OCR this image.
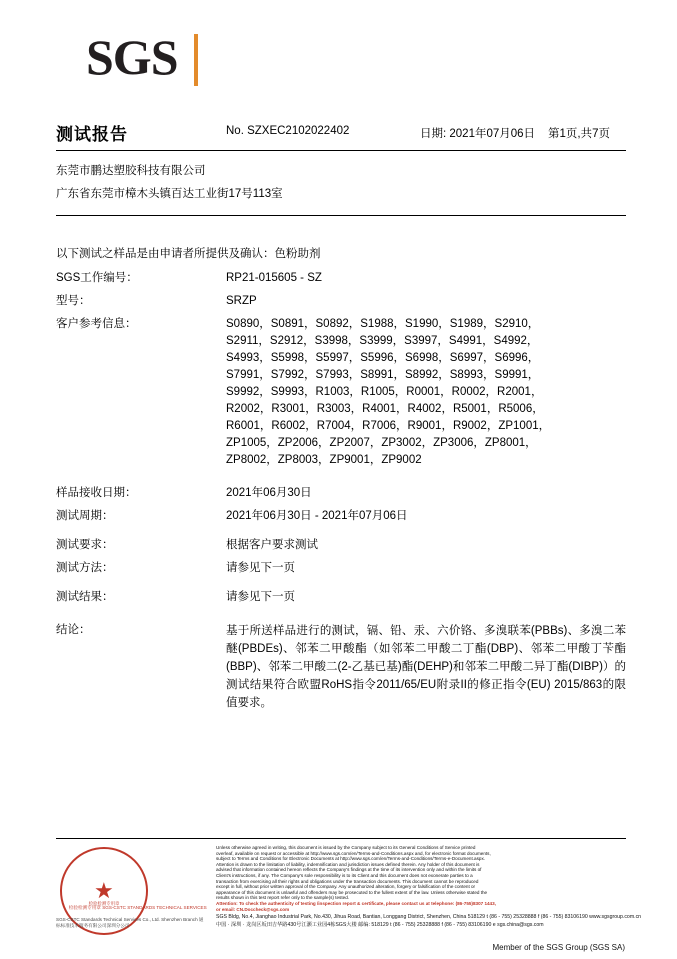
SGS
测试报告	No. SZXEC2102022402	日期: 2021年07月06日 第1页,共7页
东莞市鹏达塑胶科技有限公司
广东省东莞市樟木头镇百达工业街17号113室
以下测试之样品是由申请者所提供及确认：色粉助剂
SGS工作编号：	RP21-015605 - SZ
型号：	SRZP
客户参考信息：	S0890，S0891，S0892，S1988，S1990，S1989，S2910，
S2911，S2912，S3998，S3999，S3997，S4991，S4992，
S4993，S5998，S5997，S5996，S6998，S6997，S6996，
S7991，S7992，S7993，S8991，S8992，S8993，S9991，
S9992，S9993，R1003，R1005，R0001，R0002，R2001，
R2002，R3001，R3003，R4001，R4002，R5001，R5006，
R6001，R6002，R7004，R7006，R9001，R9002，ZP1001，
ZP1005，ZP2006，ZP2007，ZP3002，ZP3006，ZP8001，
ZP8002，ZP8003，ZP9001，ZP9002
样品接收日期：	2021年06月30日
测试周期：	2021年06月30日 - 2021年07月06日
测试要求：	根据客户要求测试
测试方法：	请参见下一页
测试结果：	请参见下一页
结论：	基于所送样品进行的测试，镉、铅、汞、六价铬、多溴联苯(PBBs)、多溴二苯醚(PBDEs)、邻苯二甲酸酯（如邻苯二甲酸二丁酯(DBP)、邻苯二甲酸丁苄酯(BBP)、邻苯二甲酸二(2-乙基已基)酯(DEHP)和邻苯二甲酸二异丁酯(DIBP)）的测试结果符合欧盟RoHS指令2011/65/EU附录II的修正指令(EU) 2015/863的限值要求。
检验检测专用章 SGS-CSTC STANDARDS TECHNICAL SERVICES
★
检验检测专用章
SGS-CSTC Standards Technical Services Co., Ltd. Shenzhen Branch 通标标准技术服务有限公司深圳分公司
Unless otherwise agreed in writing, this document is issued by the Company subject to its General Conditions of Service printed
overleaf, available on request or accessible at http://www.sgs.com/en/Terms-and-Conditions.aspx and, for electronic format documents,
subject to Terms and Conditions for Electronic Documents at http://www.sgs.com/en/Terms-and-Conditions/Terms-e-Document.aspx.
Attention is drawn to the limitation of liability, indemnification and jurisdiction issues defined therein. Any holder of this document is
advised that information contained hereon reflects the Company's findings at the time of its intervention only and within the limits of
Client's instructions, if any. The Company's sole responsibility is to its Client and this document does not exonerate parties to a
transaction from exercising all their rights and obligations under the transaction documents. This document cannot be reproduced
except in full, without prior written approval of the Company. Any unauthorized alteration, forgery or falsification of the content or
appearance of this document is unlawful and offenders may be prosecuted to the fullest extent of the law. Unless otherwise stated the
results shown in this test report refer only to the sample(s) tested.
Attention: To check the authenticity of testing /inspection report & certificate, please contact us at telephone: (86-755)8307 1443,
or email: CN.Doccheck@sgs.com
SGS Bldg, No.4, Jianghao Industrial Park, No.430, Jihua Road, Bantian, Longgang District, Shenzhen, China 518129 t (86 - 755) 25328888 f (86 - 755) 83106190 www.sgsgroup.com.cn
中国 · 深圳 · 龙岗区坂田吉华路430号江灏工业园4栋SGS大楼 邮编: 518129 t (86 - 755) 25328888 f (86 - 755) 83106190 e sgs.china@sgs.com
Member of the SGS Group (SGS SA)
